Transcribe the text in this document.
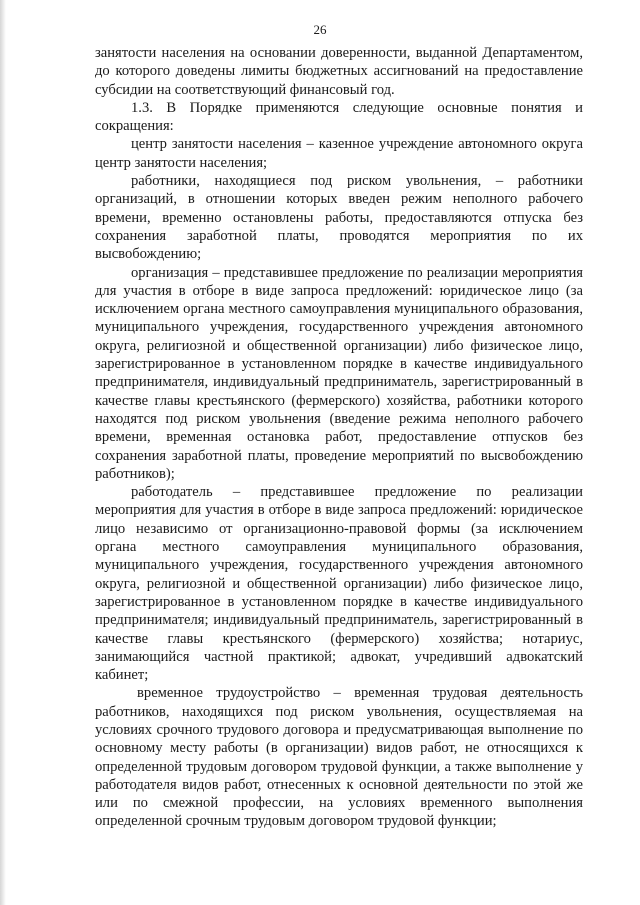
26

занятости населения на основании доверенности, выданной Департаментом, до которого доведены лимиты бюджетных ассигнований на предоставление субсидии на соответствующий финансовый год.

1.3. В Порядке применяются следующие основные понятия и сокращения:

центр занятости населения – казенное учреждение автономного округа центр занятости населения;

работники, находящиеся под риском увольнения, – работники организаций, в отношении которых введен режим неполного рабочего времени, временно остановлены работы, предоставляются отпуска без сохранения заработной платы, проводятся мероприятия по их высвобождению;

организация – представившее предложение по реализации мероприятия для участия в отборе в виде запроса предложений: юридическое лицо (за исключением органа местного самоуправления муниципального образования, муниципального учреждения, государственного учреждения автономного округа, религиозной и общественной организации) либо физическое лицо, зарегистрированное в установленном порядке в качестве индивидуального предпринимателя, индивидуальный предприниматель, зарегистрированный в качестве главы крестьянского (фермерского) хозяйства, работники которого находятся под риском увольнения (введение режима неполного рабочего времени, временная остановка работ, предоставление отпусков без сохранения заработной платы, проведение мероприятий по высвобождению работников);

работодатель – представившее предложение по реализации мероприятия для участия в отборе в виде запроса предложений: юридическое лицо независимо от организационно-правовой формы (за исключением органа местного самоуправления муниципального образования, муниципального учреждения, государственного учреждения автономного округа, религиозной и общественной организации) либо физическое лицо, зарегистрированное в установленном порядке в качестве индивидуального предпринимателя; индивидуальный предприниматель, зарегистрированный в качестве главы крестьянского (фермерского) хозяйства; нотариус, занимающийся частной практикой; адвокат, учредивший адвокатский кабинет;

временное трудоустройство – временная трудовая деятельность работников, находящихся под риском увольнения, осуществляемая на условиях срочного трудового договора и предусматривающая выполнение по основному месту работы (в организации) видов работ, не относящихся к определенной трудовым договором трудовой функции, а также выполнение у работодателя видов работ, отнесенных к основной деятельности по этой же или по смежной профессии, на условиях временного выполнения определенной срочным трудовым договором трудовой функции;
